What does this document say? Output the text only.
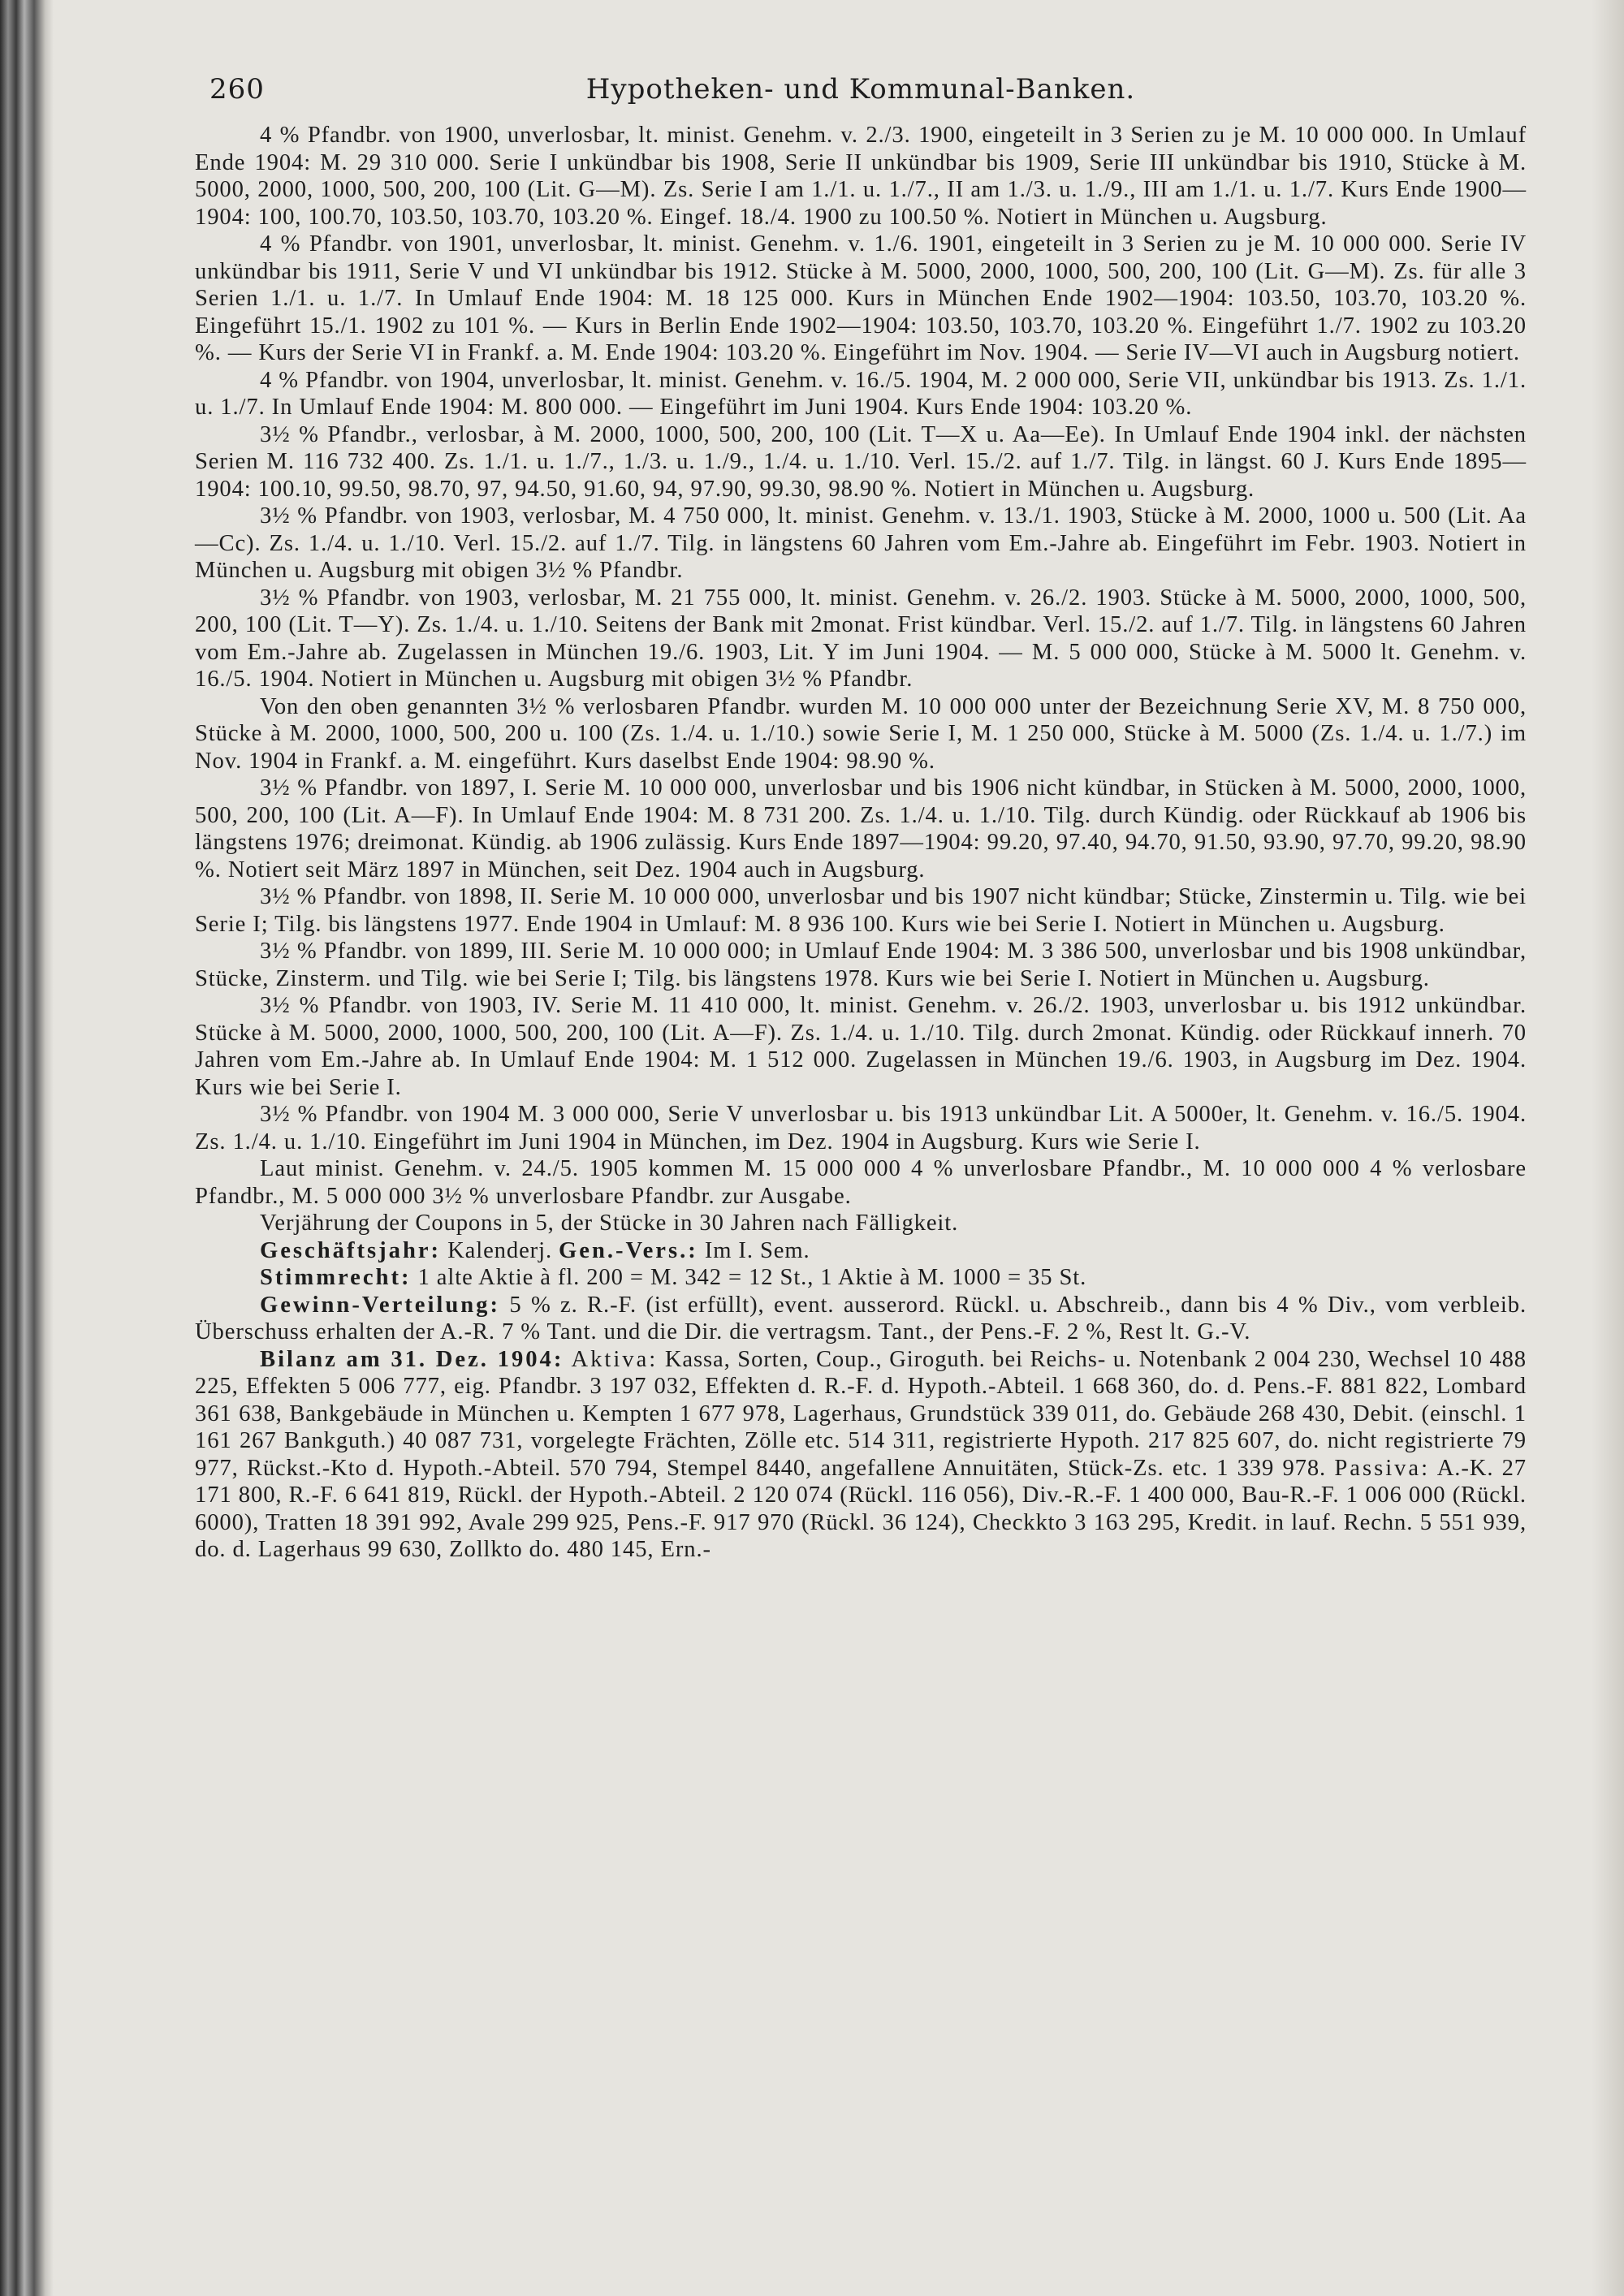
260	Hypotheken- und Kommunal-Banken.

4 % Pfandbr. von 1900, unverlosbar, lt. minist. Genehm. v. 2./3. 1900, eingeteilt in 3 Serien zu je M. 10 000 000. In Umlauf Ende 1904: M. 29 310 000. Serie I unkündbar bis 1908, Serie II unkündbar bis 1909, Serie III unkündbar bis 1910, Stücke à M. 5000, 2000, 1000, 500, 200, 100 (Lit. G—M). Zs. Serie I am 1./1. u. 1./7., II am 1./3. u. 1./9., III am 1./1. u. 1./7. Kurs Ende 1900—1904: 100, 100.70, 103.50, 103.70, 103.20 %. Eingef. 18./4. 1900 zu 100.50 %. Notiert in München u. Augsburg.

4 % Pfandbr. von 1901, unverlosbar, lt. minist. Genehm. v. 1./6. 1901, eingeteilt in 3 Serien zu je M. 10 000 000. Serie IV unkündbar bis 1911, Serie V und VI unkündbar bis 1912. Stücke à M. 5000, 2000, 1000, 500, 200, 100 (Lit. G—M). Zs. für alle 3 Serien 1./1. u. 1./7. In Umlauf Ende 1904: M. 18 125 000. Kurs in München Ende 1902—1904: 103.50, 103.70, 103.20 %. Eingeführt 15./1. 1902 zu 101 %. — Kurs in Berlin Ende 1902—1904: 103.50, 103.70, 103.20 %. Eingeführt 1./7. 1902 zu 103.20 %. — Kurs der Serie VI in Frankf. a. M. Ende 1904: 103.20 %. Eingeführt im Nov. 1904. — Serie IV—VI auch in Augsburg notiert.

4 % Pfandbr. von 1904, unverlosbar, lt. minist. Genehm. v. 16./5. 1904, M. 2 000 000, Serie VII, unkündbar bis 1913. Zs. 1./1. u. 1./7. In Umlauf Ende 1904: M. 800 000. — Eingeführt im Juni 1904. Kurs Ende 1904: 103.20 %.

3½ % Pfandbr., verlosbar, à M. 2000, 1000, 500, 200, 100 (Lit. T—X u. Aa—Ee). In Umlauf Ende 1904 inkl. der nächsten Serien M. 116 732 400. Zs. 1./1. u. 1./7., 1./3. u. 1./9., 1./4. u. 1./10. Verl. 15./2. auf 1./7. Tilg. in längst. 60 J. Kurs Ende 1895—1904: 100.10, 99.50, 98.70, 97, 94.50, 91.60, 94, 97.90, 99.30, 98.90 %. Notiert in München u. Augsburg.

3½ % Pfandbr. von 1903, verlosbar, M. 4 750 000, lt. minist. Genehm. v. 13./1. 1903, Stücke à M. 2000, 1000 u. 500 (Lit. Aa—Cc). Zs. 1./4. u. 1./10. Verl. 15./2. auf 1./7. Tilg. in längstens 60 Jahren vom Em.-Jahre ab. Eingeführt im Febr. 1903. Notiert in München u. Augsburg mit obigen 3½ % Pfandbr.

3½ % Pfandbr. von 1903, verlosbar, M. 21 755 000, lt. minist. Genehm. v. 26./2. 1903. Stücke à M. 5000, 2000, 1000, 500, 200, 100 (Lit. T—Y). Zs. 1./4. u. 1./10. Seitens der Bank mit 2monat. Frist kündbar. Verl. 15./2. auf 1./7. Tilg. in längstens 60 Jahren vom Em.-Jahre ab. Zugelassen in München 19./6. 1903, Lit. Y im Juni 1904. — M. 5 000 000, Stücke à M. 5000 lt. Genehm. v. 16./5. 1904. Notiert in München u. Augsburg mit obigen 3½ % Pfandbr.

Von den oben genannten 3½ % verlosbaren Pfandbr. wurden M. 10 000 000 unter der Bezeichnung Serie XV, M. 8 750 000, Stücke à M. 2000, 1000, 500, 200 u. 100 (Zs. 1./4. u. 1./10.) sowie Serie I, M. 1 250 000, Stücke à M. 5000 (Zs. 1./4. u. 1./7.) im Nov. 1904 in Frankf. a. M. eingeführt. Kurs daselbst Ende 1904: 98.90 %.

3½ % Pfandbr. von 1897, I. Serie M. 10 000 000, unverlosbar und bis 1906 nicht kündbar, in Stücken à M. 5000, 2000, 1000, 500, 200, 100 (Lit. A—F). In Umlauf Ende 1904: M. 8 731 200. Zs. 1./4. u. 1./10. Tilg. durch Kündig. oder Rückkauf ab 1906 bis längstens 1976; dreimonat. Kündig. ab 1906 zulässig. Kurs Ende 1897—1904: 99.20, 97.40, 94.70, 91.50, 93.90, 97.70, 99.20, 98.90 %. Notiert seit März 1897 in München, seit Dez. 1904 auch in Augsburg.

3½ % Pfandbr. von 1898, II. Serie M. 10 000 000, unverlosbar und bis 1907 nicht kündbar; Stücke, Zinstermin u. Tilg. wie bei Serie I; Tilg. bis längstens 1977. Ende 1904 in Umlauf: M. 8 936 100. Kurs wie bei Serie I. Notiert in München u. Augsburg.

3½ % Pfandbr. von 1899, III. Serie M. 10 000 000; in Umlauf Ende 1904: M. 3 386 500, unverlosbar und bis 1908 unkündbar, Stücke, Zinsterm. und Tilg. wie bei Serie I; Tilg. bis längstens 1978. Kurs wie bei Serie I. Notiert in München u. Augsburg.

3½ % Pfandbr. von 1903, IV. Serie M. 11 410 000, lt. minist. Genehm. v. 26./2. 1903, unverlosbar u. bis 1912 unkündbar. Stücke à M. 5000, 2000, 1000, 500, 200, 100 (Lit. A—F). Zs. 1./4. u. 1./10. Tilg. durch 2monat. Kündig. oder Rückkauf innerh. 70 Jahren vom Em.-Jahre ab. In Umlauf Ende 1904: M. 1 512 000. Zugelassen in München 19./6. 1903, in Augsburg im Dez. 1904. Kurs wie bei Serie I.

3½ % Pfandbr. von 1904 M. 3 000 000, Serie V unverlosbar u. bis 1913 unkündbar Lit. A 5000er, lt. Genehm. v. 16./5. 1904. Zs. 1./4. u. 1./10. Eingeführt im Juni 1904 in München, im Dez. 1904 in Augsburg. Kurs wie Serie I.

Laut minist. Genehm. v. 24./5. 1905 kommen M. 15 000 000 4 % unverlosbare Pfandbr., M. 10 000 000 4 % verlosbare Pfandbr., M. 5 000 000 3½ % unverlosbare Pfandbr. zur Ausgabe.

Verjährung der Coupons in 5, der Stücke in 30 Jahren nach Fälligkeit.

Geschäftsjahr: Kalenderj. Gen.-Vers.: Im I. Sem.

Stimmrecht: 1 alte Aktie à fl. 200 = M. 342 = 12 St., 1 Aktie à M. 1000 = 35 St.

Gewinn-Verteilung: 5 % z. R.-F. (ist erfüllt), event. ausserord. Rückl. u. Abschreib., dann bis 4 % Div., vom verbleib. Überschuss erhalten der A.-R. 7 % Tant. und die Dir. die vertragsm. Tant., der Pens.-F. 2 %, Rest lt. G.-V.

Bilanz am 31. Dez. 1904: Aktiva: Kassa, Sorten, Coup., Giroguth. bei Reichs- u. Notenbank 2 004 230, Wechsel 10 488 225, Effekten 5 006 777, eig. Pfandbr. 3 197 032, Effekten d. R.-F. d. Hypoth.-Abteil. 1 668 360, do. d. Pens.-F. 881 822, Lombard 361 638, Bankgebäude in München u. Kempten 1 677 978, Lagerhaus, Grundstück 339 011, do. Gebäude 268 430, Debit. (einschl. 1 161 267 Bankguth.) 40 087 731, vorgelegte Frächten, Zölle etc. 514 311, registrierte Hypoth. 217 825 607, do. nicht registrierte 79 977, Rückst.-Kto d. Hypoth.-Abteil. 570 794, Stempel 8440, angefallene Annuitäten, Stück-Zs. etc. 1 339 978. Passiva: A.-K. 27 171 800, R.-F. 6 641 819, Rückl. der Hypoth.-Abteil. 2 120 074 (Rückl. 116 056), Div.-R.-F. 1 400 000, Bau-R.-F. 1 006 000 (Rückl. 6000), Tratten 18 391 992, Avale 299 925, Pens.-F. 917 970 (Rückl. 36 124), Checkkto 3 163 295, Kredit. in lauf. Rechn. 5 551 939, do. d. Lagerhaus 99 630, Zollkto do. 480 145, Ern.-
